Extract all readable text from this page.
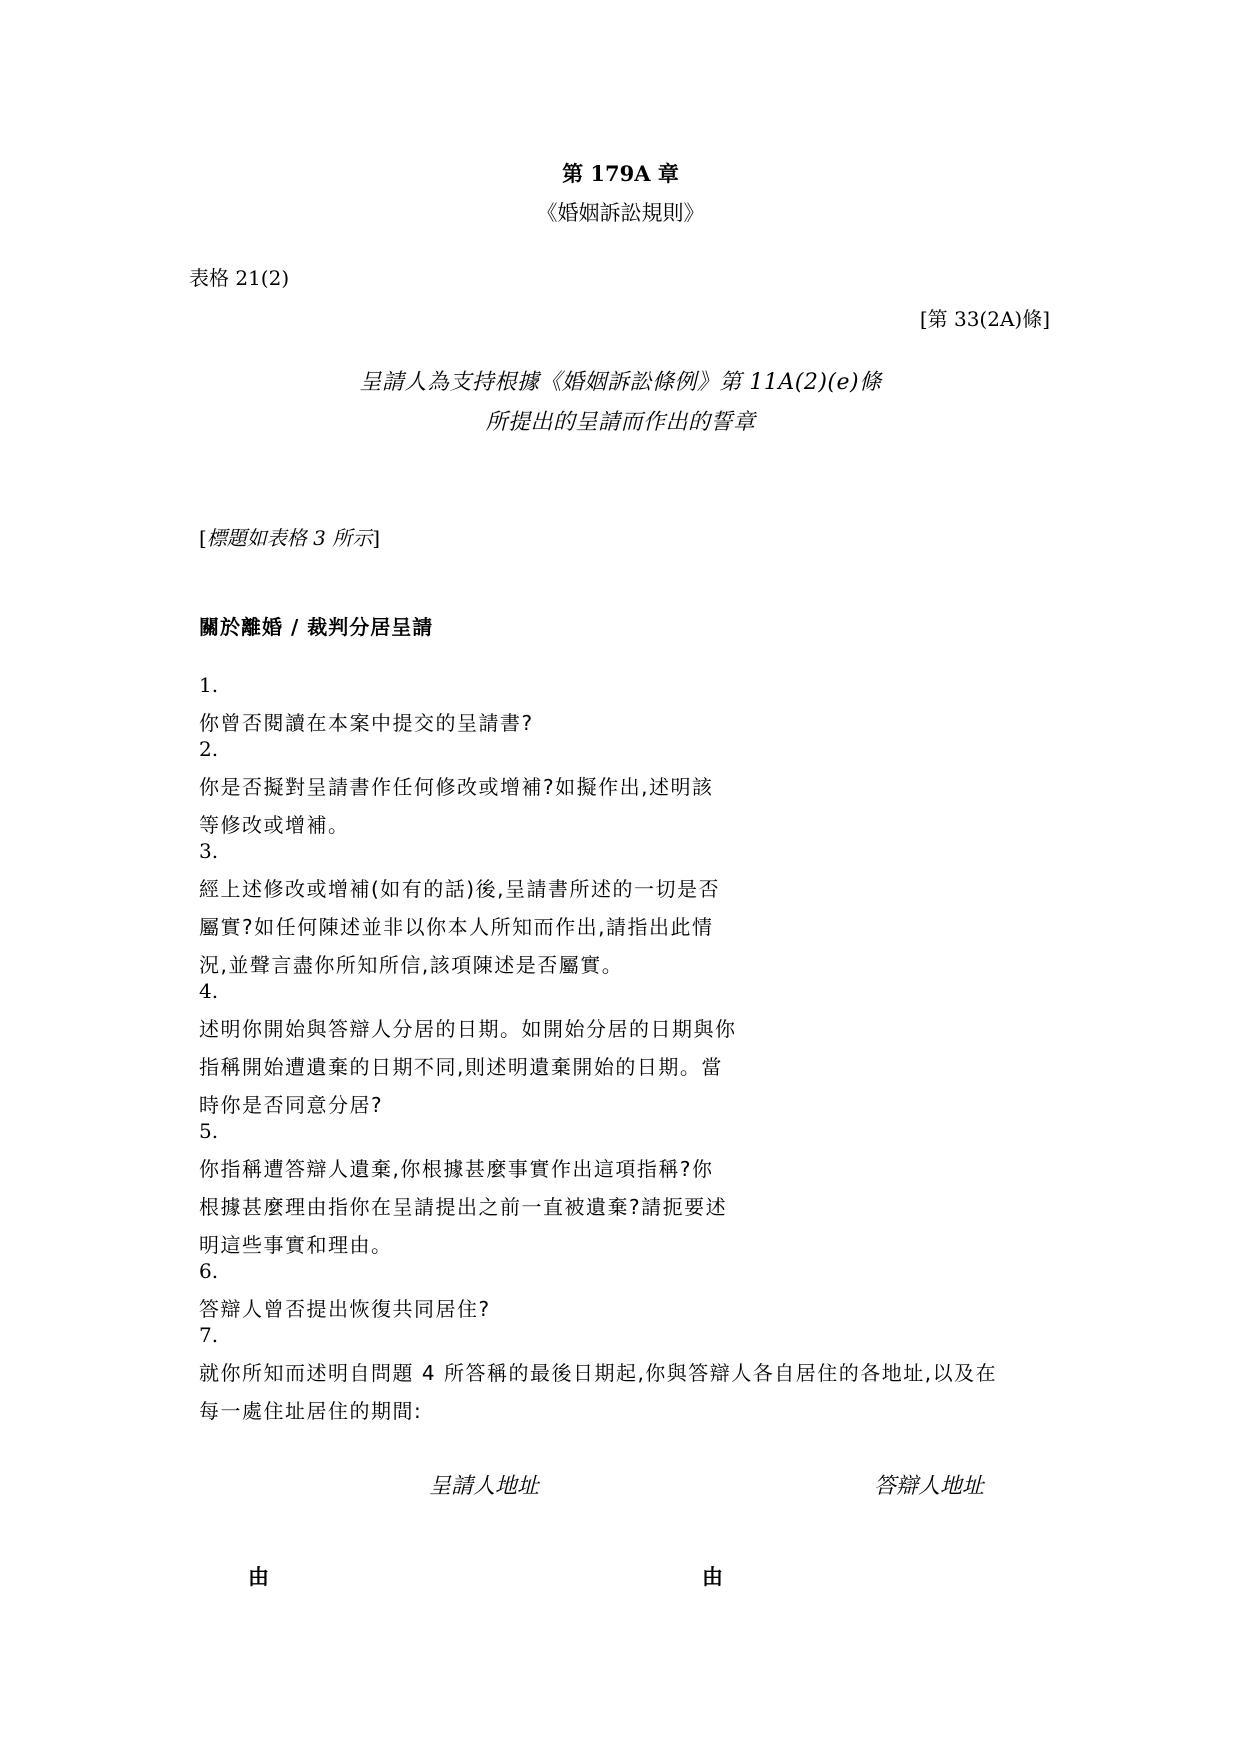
第 179A 章
《婚姻訴訟規則》
表格 21(2)
[第 33(2A)條]
呈請人為支持根據《婚姻訴訟條例》第 11A(2)(e)條
所提出的呈請而作出的誓章
[標題如表格 3 所示]
關於離婚 / 裁判分居呈請
1.
你曾否閱讀在本案中提交的呈請書?
2.
你是否擬對呈請書作任何修改或增補?如擬作出,述明該
等修改或增補。
3.
經上述修改或增補(如有的話)後,呈請書所述的一切是否
屬實?如任何陳述並非以你本人所知而作出,請指出此情
況,並聲言盡你所知所信,該項陳述是否屬實。
4.
述明你開始與答辯人分居的日期。如開始分居的日期與你
指稱開始遭遺棄的日期不同,則述明遺棄開始的日期。當
時你是否同意分居?
5.
你指稱遭答辯人遺棄,你根據甚麼事實作出這項指稱?你
根據甚麼理由指你在呈請提出之前一直被遺棄?請扼要述
明這些事實和理由。
6.
答辯人曾否提出恢復共同居住?
7.
就你所知而述明自問題 4 所答稱的最後日期起,你與答辯人各自居住的各地址,以及在
每一處住址居住的期間:
呈請人地址	答辯人地址
由	由
